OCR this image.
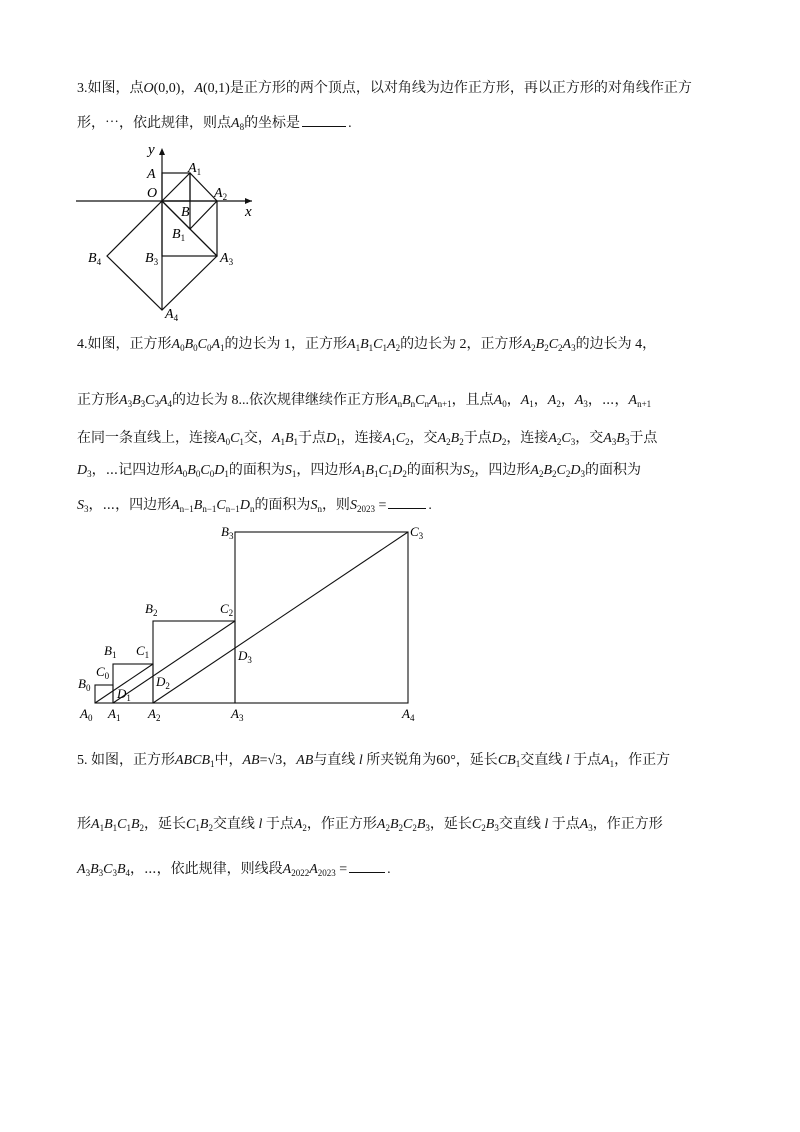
3.如图，点O(0,0)，A(0,1)是正方形的两个顶点，以对角线为边作正方形，再以正方形的对角线作正方
形，⋯，依此规律，则点$A_8$的坐标是	.
y
x
A $A_1$
O	$A_2$
B
$B_1$
$B_3$
$B_4$	$A_3$
$A_4$
4.如图，正方形$A_0B_0C_0A_1$的边长为 1，正方形$A_1B_1C_1A_2$的边长为 2，正方形$A_2B_2C_2A_3$的边长为 4，
正方形$A_3B_3C_3A_4$的边长为 8...依次规律继续作正方形$A_nB_nC_nA_{n+1}$，且点$A_0$，$A_1$，$A_2$，$A_3$，⋯，$A_{n+1}$
在同一条直线上，连接$A_0C_1$交，$A_1B_1$于点$D_1$，连接$A_1C_2$，交$A_2B_2$于点$D_2$，连接$A_2C_3$，交$A_3B_3$于点
$D_3$，⋯记四边形$A_0B_0C_0D_1$的面积为$S_1$，四边形$A_1B_1C_1D_2$的面积为$S_2$，四边形$A_2B_2C_2D_3$的面积为
$S_3$，⋯，四边形$A_{n-1}B_{n-1}C_{n-1}D_n$的面积为$S_n$，则$S_{2023}$ =	.
$B_3$	$C_3$
$B_2$	$C_2$
$D_3$
$B_1$ $C_1$
$C_0$
$B_0$	$D_2$
$D_1$
$A_0$ $A_1$ $A_2$	$A_3$	$A_4$
5. 如图，正方形$ABCB_1$中，AB=√3，AB与直线 l 所夹锐角为60°，延长$CB_1$交直线 l 于点$A_1$，作正方
形$A_1B_1C_1B_2$，延长$C_1B_2$交直线 l 于点$A_2$，作正方形$A_2B_2C_2B_3$，延长$C_2B_3$交直线 l 于点$A_3$，作正方形
$A_3B_3C_3B_4$，⋯，依此规律，则线段$A_{2022}A_{2023}$ =	.
